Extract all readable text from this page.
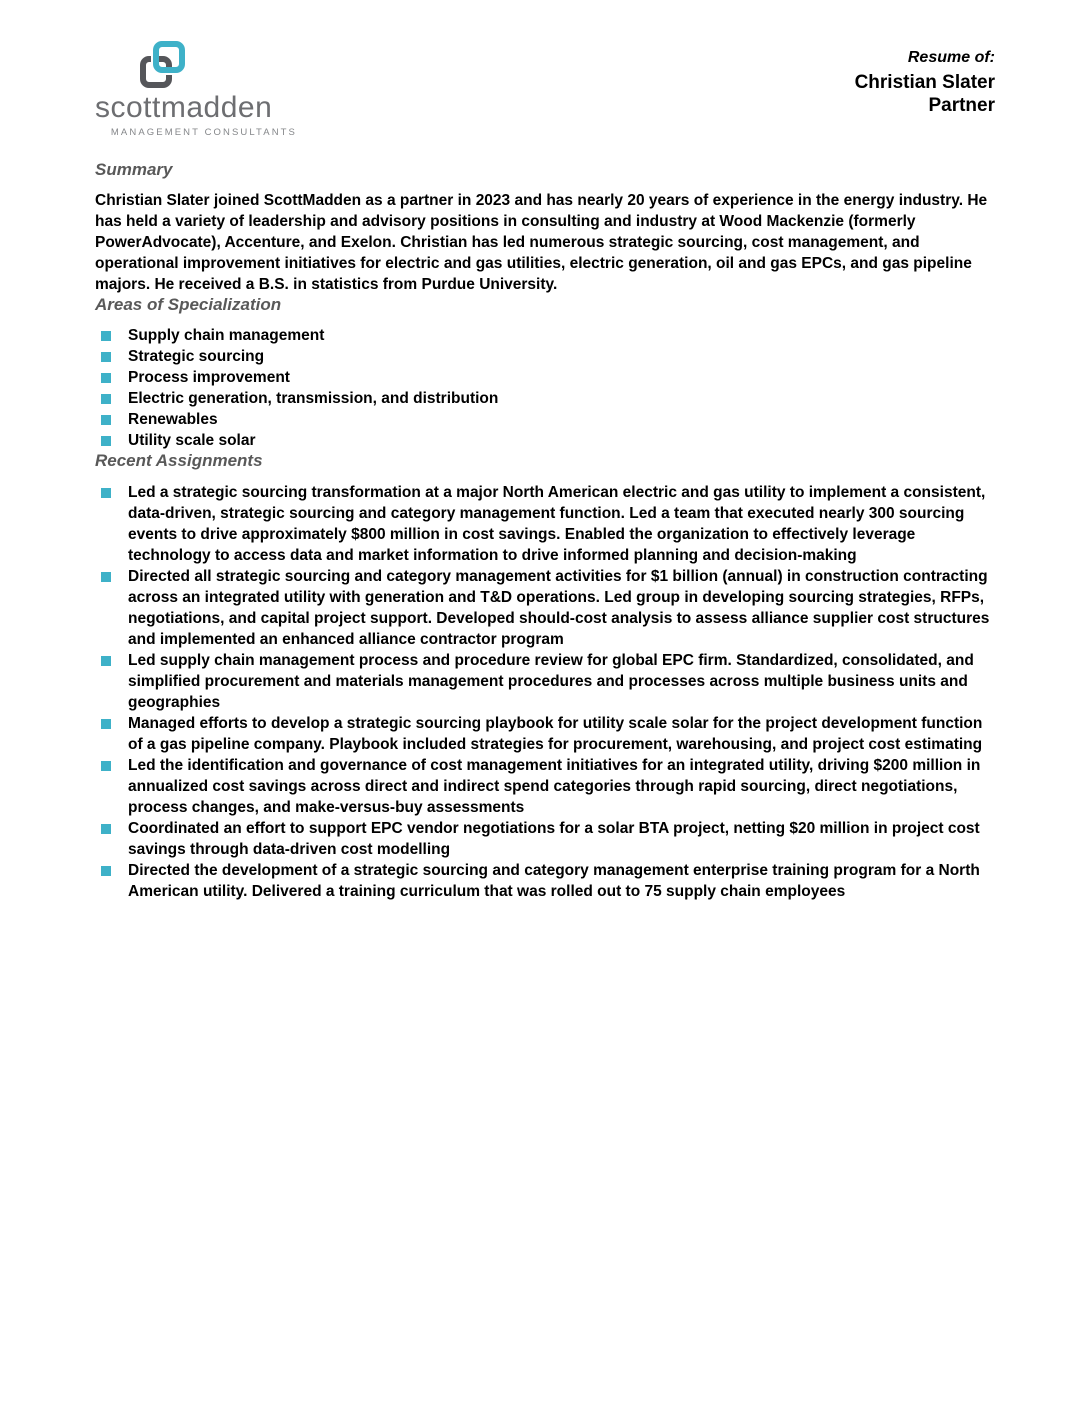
scottmadden
MANAGEMENT CONSULTANTS
Resume of:
Christian Slater
Partner
Summary

Christian Slater joined ScottMadden as a partner in 2023 and has nearly 20 years of experience in the energy industry. He has held a variety of leadership and advisory positions in consulting and industry at Wood Mackenzie (formerly PowerAdvocate), Accenture, and Exelon. Christian has led numerous strategic sourcing, cost management, and operational improvement initiatives for electric and gas utilities, electric generation, oil and gas EPCs, and gas pipeline majors. He received a B.S. in statistics from Purdue University.

Areas of Specialization
Supply chain management
Strategic sourcing
Process improvement
Electric generation, transmission, and distribution
Renewables
Utility scale solar
Recent Assignments
Led a strategic sourcing transformation at a major North American electric and gas utility to implement a consistent, data-driven, strategic sourcing and category management function. Led a team that executed nearly 300 sourcing events to drive approximately $800 million in cost savings. Enabled the organization to effectively leverage technology to access data and market information to drive informed planning and decision-making
Directed all strategic sourcing and category management activities for $1 billion (annual) in construction contracting across an integrated utility with generation and T&D operations. Led group in developing sourcing strategies, RFPs, negotiations, and capital project support. Developed should-cost analysis to assess alliance supplier cost structures and implemented an enhanced alliance contractor program
Led supply chain management process and procedure review for global EPC firm. Standardized, consolidated, and simplified procurement and materials management procedures and processes across multiple business units and geographies
Managed efforts to develop a strategic sourcing playbook for utility scale solar for the project development function of a gas pipeline company. Playbook included strategies for procurement, warehousing, and project cost estimating
Led the identification and governance of cost management initiatives for an integrated utility, driving $200 million in annualized cost savings across direct and indirect spend categories through rapid sourcing, direct negotiations, process changes, and make-versus-buy assessments
Coordinated an effort to support EPC vendor negotiations for a solar BTA project, netting $20 million in project cost savings through data-driven cost modelling
Directed the development of a strategic sourcing and category management enterprise training program for a North American utility. Delivered a training curriculum that was rolled out to 75 supply chain employees
